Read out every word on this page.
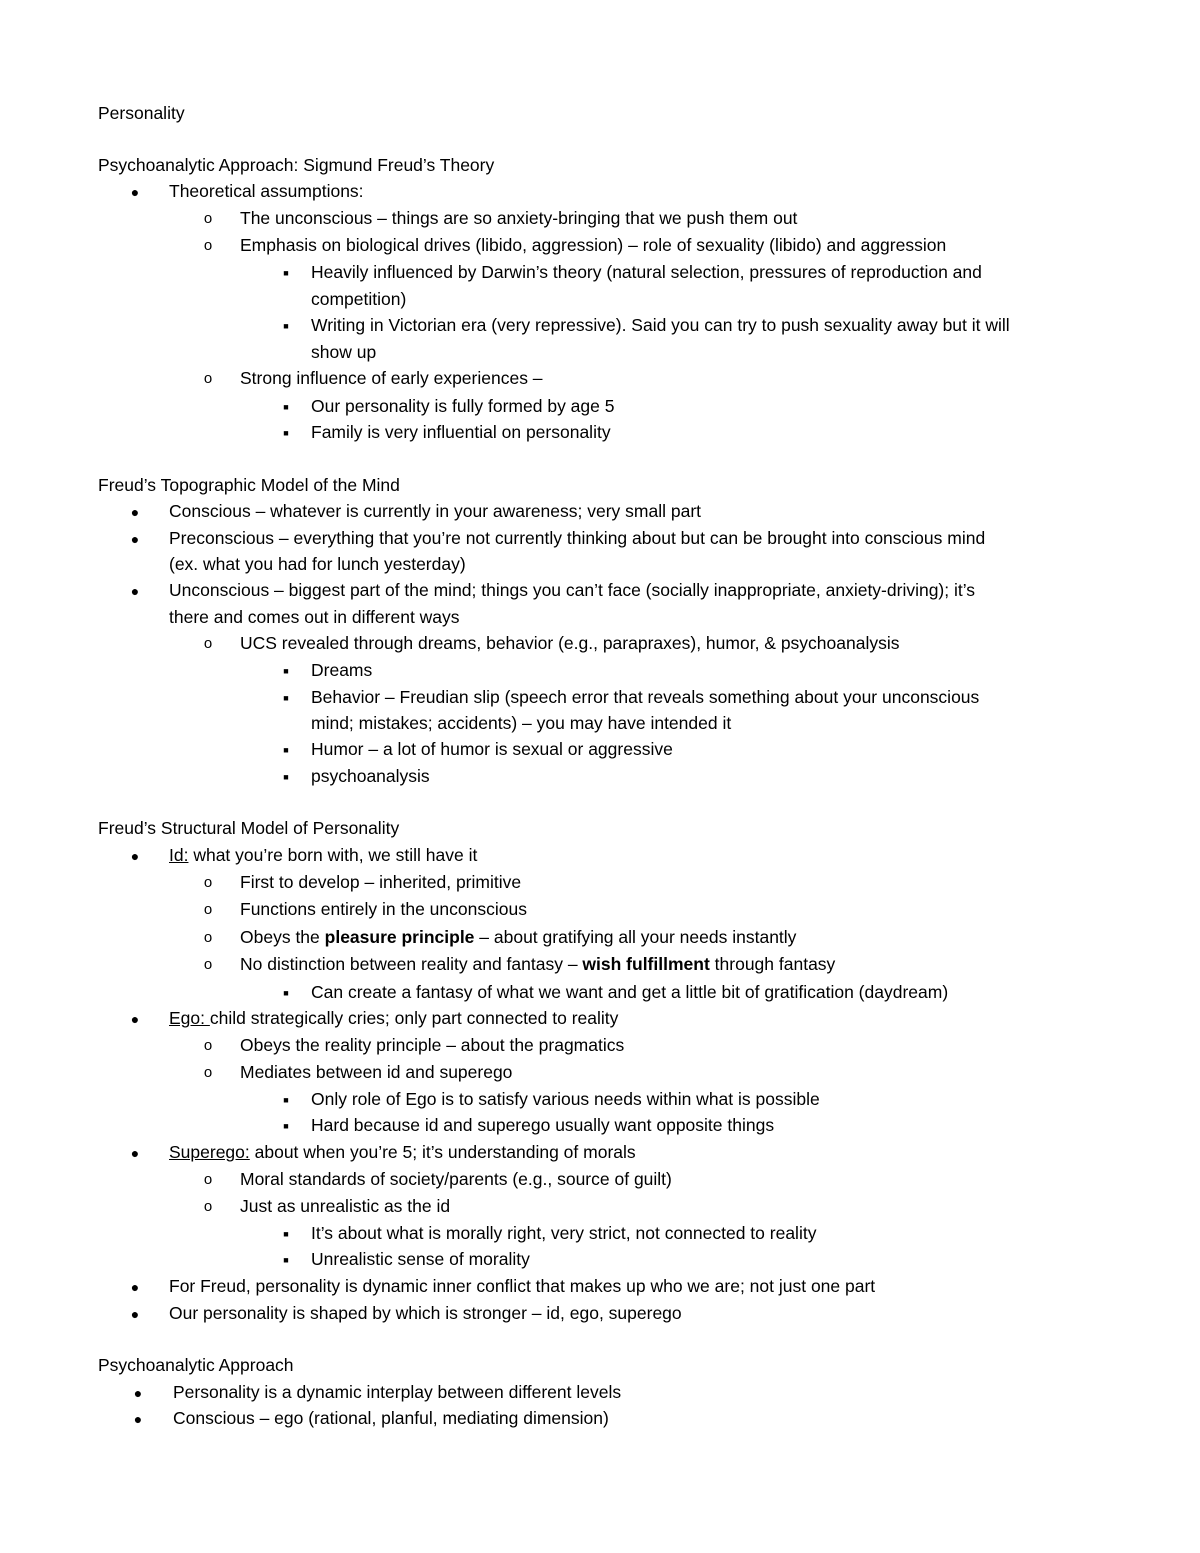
Personality
Psychoanalytic Approach: Sigmund Freud’s Theory
● Theoretical assumptions:
o The unconscious – things are so anxiety-bringing that we push them out
o Emphasis on biological drives (libido, aggression) – role of sexuality (libido) and aggression
■ Heavily influenced by Darwin’s theory (natural selection, pressures of reproduction and
competition)
■ Writing in Victorian era (very repressive). Said you can try to push sexuality away but it will
show up
o Strong influence of early experiences –
■ Our personality is fully formed by age 5
■ Family is very influential on personality
Freud’s Topographic Model of the Mind
● Conscious – whatever is currently in your awareness; very small part
● Preconscious – everything that you’re not currently thinking about but can be brought into conscious mind
(ex. what you had for lunch yesterday)
● Unconscious – biggest part of the mind; things you can’t face (socially inappropriate, anxiety-driving); it’s
there and comes out in different ways
o UCS revealed through dreams, behavior (e.g., parapraxes), humor, & psychoanalysis
■ Dreams
■ Behavior – Freudian slip (speech error that reveals something about your unconscious
mind; mistakes; accidents) – you may have intended it
■ Humor – a lot of humor is sexual or aggressive
■ psychoanalysis
Freud’s Structural Model of Personality
● Id: what you’re born with, we still have it
o First to develop – inherited, primitive
o Functions entirely in the unconscious
o Obeys the pleasure principle – about gratifying all your needs instantly
o No distinction between reality and fantasy – wish fulfillment through fantasy
■ Can create a fantasy of what we want and get a little bit of gratification (daydream)
● Ego: child strategically cries; only part connected to reality
o Obeys the reality principle – about the pragmatics
o Mediates between id and superego
■ Only role of Ego is to satisfy various needs within what is possible
■ Hard because id and superego usually want opposite things
● Superego: about when you’re 5; it’s understanding of morals
o Moral standards of society/parents (e.g., source of guilt)
o Just as unrealistic as the id
■ It’s about what is morally right, very strict, not connected to reality
■ Unrealistic sense of morality
● For Freud, personality is dynamic inner conflict that makes up who we are; not just one part
● Our personality is shaped by which is stronger – id, ego, superego
Psychoanalytic Approach
● Personality is a dynamic interplay between different levels
● Conscious – ego (rational, planful, mediating dimension)
